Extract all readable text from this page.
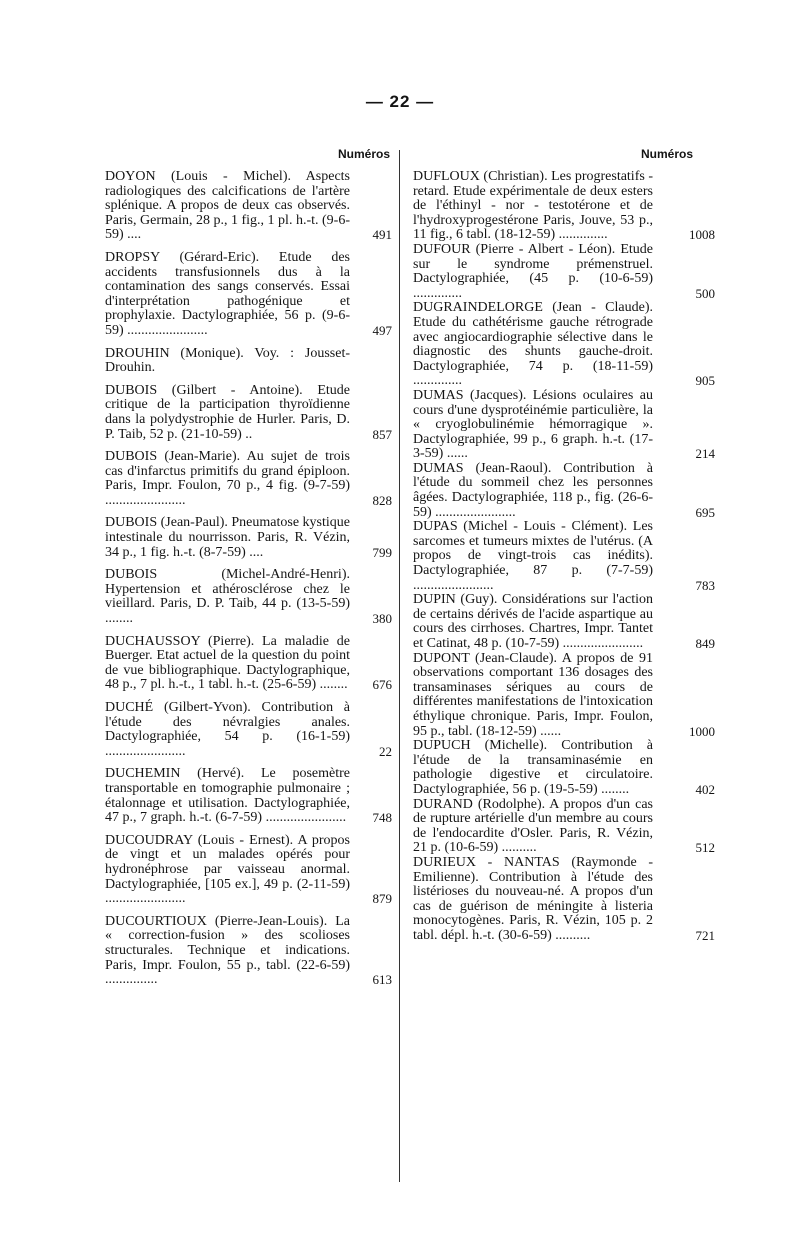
— 22 —
Numéros
DOYON (Louis - Michel). Aspects radiologiques des calcifications de l'artère splénique. A propos de deux cas observés. Paris, Germain, 28 p., 1 fig., 1 pl. h.-t. (9-6-59) ....	491
DROPSY (Gérard-Eric). Etude des accidents transfusionnels dus à la contamination des sangs conservés. Essai d'interprétation pathogénique et prophylaxie. Dactylographiée, 56 p. (9-6-59) .......................	497
DROUHIN (Monique). Voy. : Jousset-Drouhin.
DUBOIS (Gilbert - Antoine). Etude critique de la participation thyroïdienne dans la polydystrophie de Hurler. Paris, D. P. Taib, 52 p. (21-10-59) ..	857
DUBOIS (Jean-Marie). Au sujet de trois cas d'infarctus primitifs du grand épiploon. Paris, Impr. Foulon, 70 p., 4 fig. (9-7-59) .......................	828
DUBOIS (Jean-Paul). Pneumatose kystique intestinale du nourrisson. Paris, R. Vézin, 34 p., 1 fig. h.-t. (8-7-59) ....	799
DUBOIS (Michel-André-Henri). Hypertension et athérosclérose chez le vieillard. Paris, D. P. Taib, 44 p. (13-5-59) ........	380
DUCHAUSSOY (Pierre). La maladie de Buerger. Etat actuel de la question du point de vue bibliographique. Dactylographique, 48 p., 7 pl. h.-t., 1 tabl. h.-t. (25-6-59) ........	676
DUCHÉ (Gilbert-Yvon). Contribution à l'étude des névralgies anales. Dactylographiée, 54 p. (16-1-59) .......................	22
DUCHEMIN (Hervé). Le posemètre transportable en tomographie pulmonaire ; étalonnage et utilisation. Dactylographiée, 47 p., 7 graph. h.-t. (6-7-59) .......................	748
DUCOUDRAY (Louis - Ernest). A propos de vingt et un malades opérés pour hydronéphrose par vaisseau anormal. Dactylographiée, [105 ex.], 49 p. (2-11-59) .......................	879
DUCOURTIOUX (Pierre-Jean-Louis). La « correction-fusion » des scolioses structurales. Technique et indications. Paris, Impr. Foulon, 55 p., tabl. (22-6-59) ...............	613
Numéros
DUFLOUX (Christian). Les progrestatifs - retard. Etude expérimentale de deux esters de l'éthinyl - nor - testotérone et de l'hydroxyprogestérone Paris, Jouve, 53 p., 11 fig., 6 tabl. (18-12-59) ..............	1008
DUFOUR (Pierre - Albert - Léon). Etude sur le syndrome prémenstruel. Dactylographiée, (45 p. (10-6-59) ..............	500
DUGRAINDELORGE (Jean - Claude). Etude du cathétérisme gauche rétrograde avec angiocardiographie sélective dans le diagnostic des shunts gauche-droit. Dactylographiée, 74 p. (18-11-59) ..............	905
DUMAS (Jacques). Lésions oculaires au cours d'une dysprotéinémie particulière, la « cryoglobulinémie hémorragique ». Dactylographiée, 99 p., 6 graph. h.-t. (17-3-59) ......	214
DUMAS (Jean-Raoul). Contribution à l'étude du sommeil chez les personnes âgées. Dactylographiée, 118 p., fig. (26-6-59) .......................	695
DUPAS (Michel - Louis - Clément). Les sarcomes et tumeurs mixtes de l'utérus. (A propos de vingt-trois cas inédits). Dactylographiée, 87 p. (7-7-59) .......................	783
DUPIN (Guy). Considérations sur l'action de certains dérivés de l'acide aspartique au cours des cirrhoses. Chartres, Impr. Tantet et Catinat, 48 p. (10-7-59) .......................	849
DUPONT (Jean-Claude). A propos de 91 observations comportant 136 dosages des transaminases sériques au cours de différentes manifestations de l'intoxication éthylique chronique. Paris, Impr. Foulon, 95 p., tabl. (18-12-59) ......	1000
DUPUCH (Michelle). Contribution à l'étude de la transaminasémie en pathologie digestive et circulatoire. Dactylographiée, 56 p. (19-5-59) ........	402
DURAND (Rodolphe). A propos d'un cas de rupture artérielle d'un membre au cours de l'endocardite d'Osler. Paris, R. Vézin, 21 p. (10-6-59) ..........	512
DURIEUX - NANTAS (Raymonde - Emilienne). Contribution à l'étude des listérioses du nouveau-né. A propos d'un cas de guérison de méningite à listeria monocytogènes. Paris, R. Vézin, 105 p. 2 tabl. dépl. h.-t. (30-6-59) ..........	721
